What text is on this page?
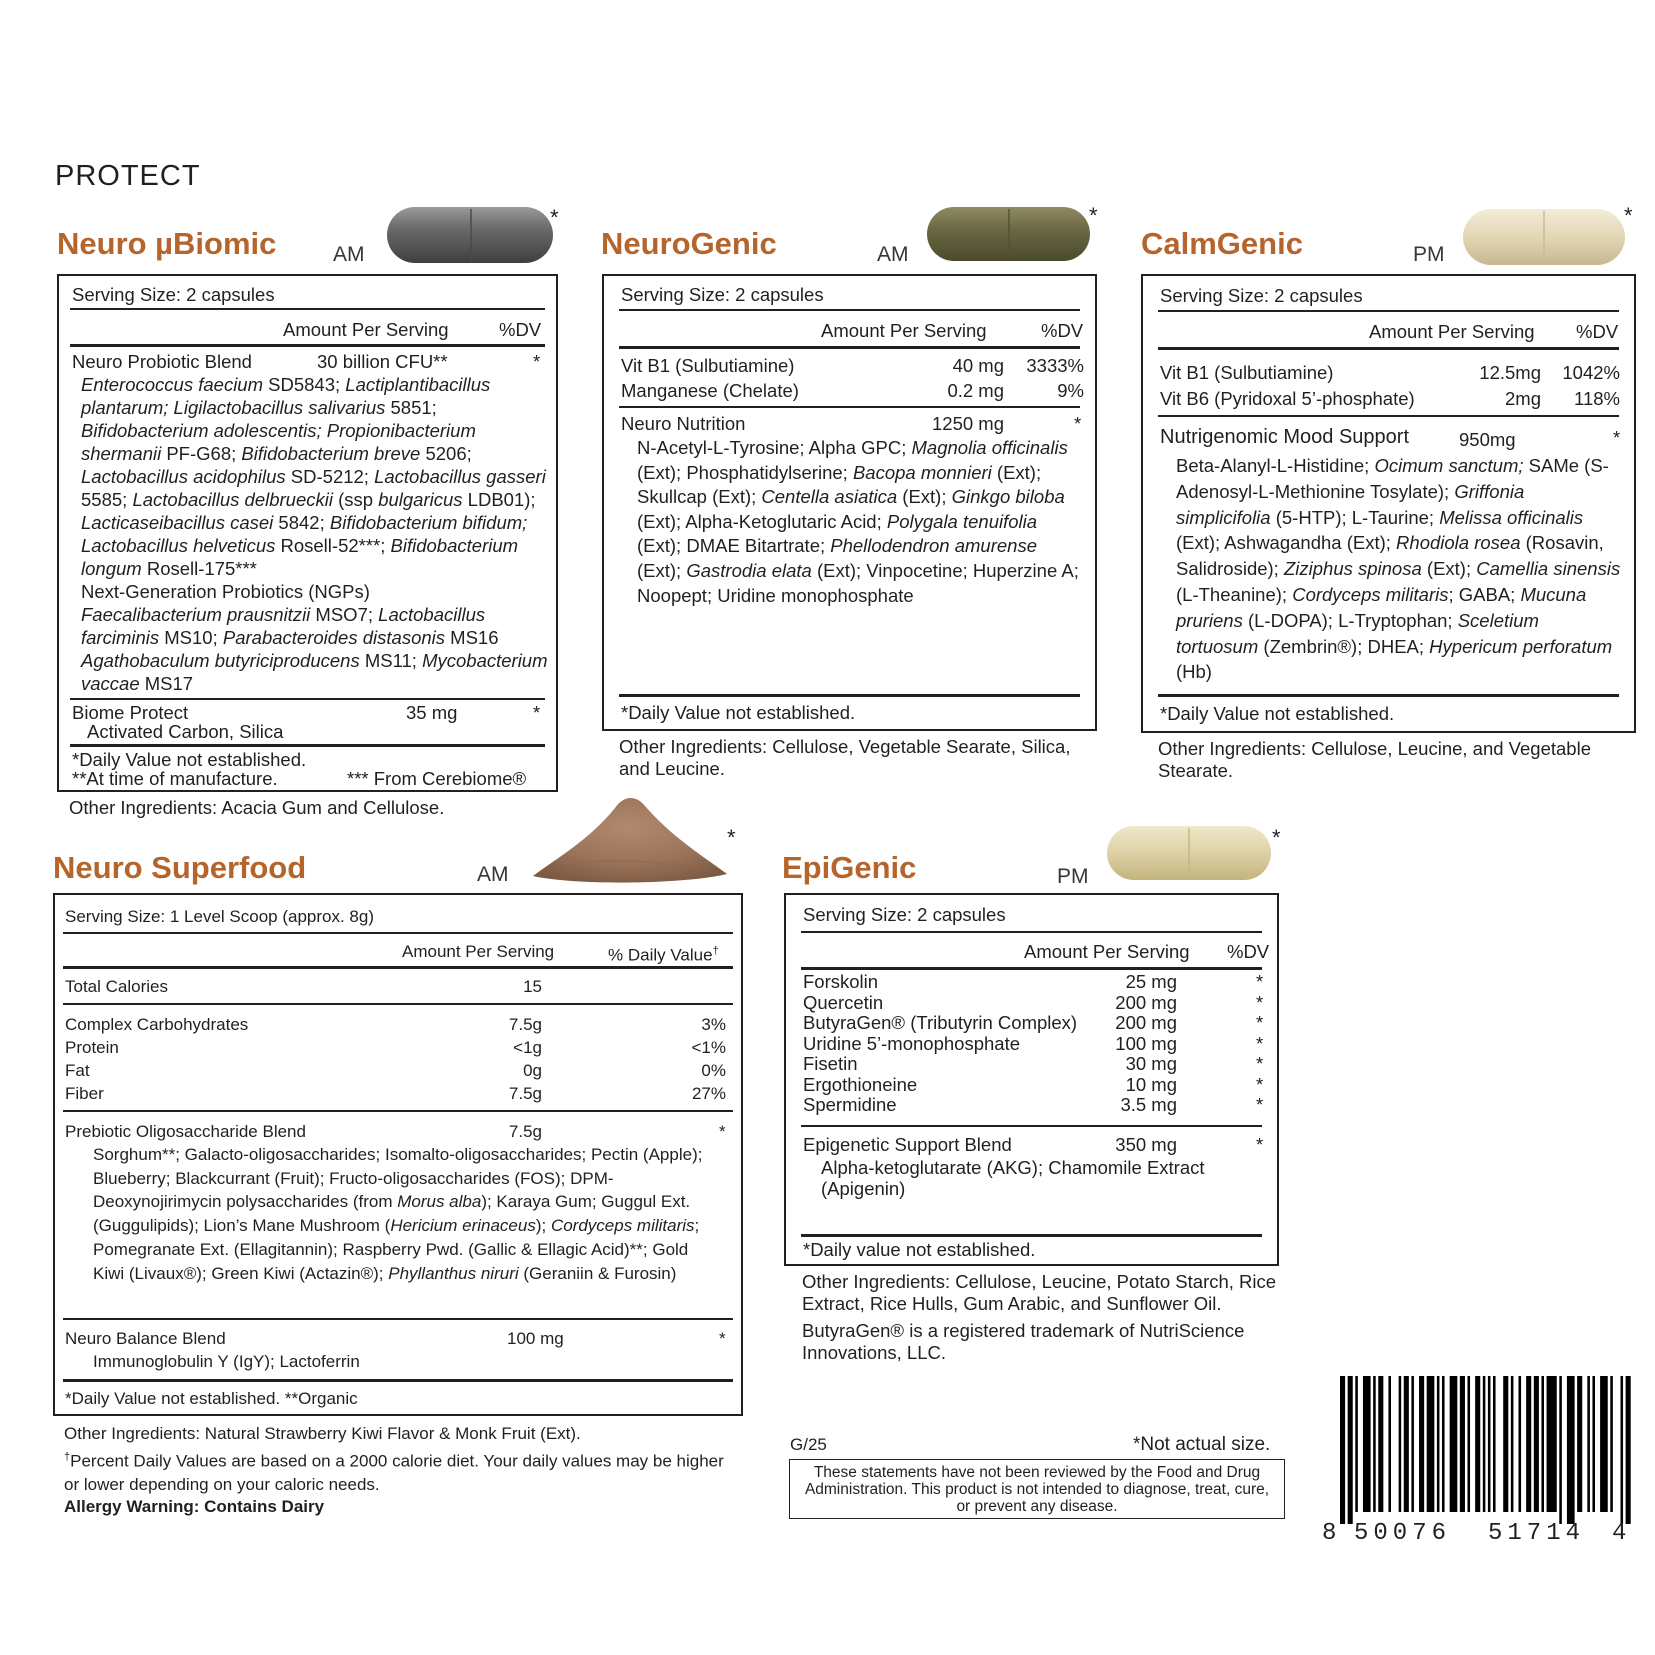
PROTECT
Neuro µBiomic	AM
*
Serving Size: 2 capsules
Amount Per Serving	%DV
Neuro Probiotic Blend	30 billion CFU**	*
Enterococcus faecium SD5843; Lactiplantibacillus plantarum; Ligilactobacillus salivarius 5851; Bifidobacterium adolescentis; Propionibacterium shermanii PF-G68; Bifidobacterium breve 5206; Lactobacillus acidophilus SD-5212; Lactobacillus gasseri 5585; Lactobacillus delbrueckii (ssp bulgaricus LDB01); Lacticaseibacillus casei 5842; Bifidobacterium bifidum; Lactobacillus helveticus Rosell-52***; Bifidobacterium longum Rosell-175***
Next-Generation Probiotics (NGPs)
Faecalibacterium prausnitzii MSO7; Lactobacillus farciminis MS10; Parabacteroides distasonis MS16 Agathobaculum butyriciproducens MS11; Mycobacterium vaccae MS17
Biome Protect	35 mg	*
Activated Carbon, Silica
*Daily Value not established.
**At time of manufacture.	*** From Cerebiome®
Other Ingredients: Acacia Gum and Cellulose.
NeuroGenic	AM
*
Serving Size: 2 capsules
Amount Per Serving	%DV
Vit B1 (Sulbutiamine)	40 mg	3333%
Manganese (Chelate)	0.2 mg	9%
Neuro Nutrition	1250 mg	*
N-Acetyl-L-Tyrosine; Alpha GPC; Magnolia officinalis (Ext); Phosphatidylserine; Bacopa monnieri (Ext); Skullcap (Ext); Centella asiatica (Ext); Ginkgo biloba (Ext); Alpha-Ketoglutaric Acid; Polygala tenuifolia (Ext); DMAE Bitartrate; Phellodendron amurense (Ext); Gastrodia elata (Ext); Vinpocetine; Huperzine A; Noopept; Uridine monophosphate
*Daily Value not established.
Other Ingredients: Cellulose, Vegetable Searate, Silica, and Leucine.
CalmGenic	PM
*
Serving Size: 2 capsules
Amount Per Serving %DV
Vit B1 (Sulbutiamine)	12.5mg	1042%
Vit B6 (Pyridoxal 5’-phosphate)	2mg	118%
Nutrigenomic Mood Support	950mg	*
Beta-Alanyl-L-Histidine; Ocimum sanctum; SAMe (S-Adenosyl-L-Methionine Tosylate); Griffonia simplicifolia (5-HTP); L-Taurine; Melissa officinalis (Ext); Ashwagandha (Ext); Rhodiola rosea (Rosavin, Salidroside); Ziziphus spinosa (Ext); Camellia sinensis (L-Theanine); Cordyceps militaris; GABA; Mucuna pruriens (L-DOPA); L-Tryptophan; Sceletium tortuosum (Zembrin®); DHEA; Hypericum perforatum (Hb)
*Daily Value not established.
Other Ingredients: Cellulose, Leucine, and Vegetable Stearate.
Neuro Superfood	AM
*
Serving Size: 1 Level Scoop (approx. 8g)
Amount Per Serving	% Daily Value†
Total Calories	15
Complex Carbohydrates	7.5g	3%
Protein	<1g	<1%
Fat	0g	0%
Fiber	7.5g	27%
Prebiotic Oligosaccharide Blend	7.5g	*
Sorghum**; Galacto-oligosaccharides; Isomalto-oligosaccharides; Pectin (Apple); Blueberry; Blackcurrant (Fruit); Fructo-oligosaccharides (FOS); DPM-Deoxynojirimycin polysaccharides (from Morus alba); Karaya Gum; Guggul Ext. (Guggulipids); Lion’s Mane Mushroom (Hericium erinaceus); Cordyceps militaris; Pomegranate Ext. (Ellagitannin); Raspberry Pwd. (Gallic & Ellagic Acid)**; Gold Kiwi (Livaux®); Green Kiwi (Actazin®); Phyllanthus niruri (Geraniin & Furosin)
Neuro Balance Blend	100 mg	*
Immunoglobulin Y (IgY); Lactoferrin
*Daily Value not established. **Organic
Other Ingredients: Natural Strawberry Kiwi Flavor & Monk Fruit (Ext).
†Percent Daily Values are based on a 2000 calorie diet. Your daily values may be higher or lower depending on your caloric needs.
Allergy Warning: Contains Dairy
EpiGenic	PM
*
Serving Size: 2 capsules
Amount Per Serving %DV
Forskolin	25 mg	*
Quercetin	200 mg	*
ButyraGen® (Tributyrin Complex)	200 mg	*
Uridine 5’-monophosphate	100 mg	*
Fisetin	30 mg	*
Ergothioneine	10 mg	*
Spermidine	3.5 mg	*
Epigenetic Support Blend	350 mg	*
Alpha-ketoglutarate (AKG); Chamomile Extract (Apigenin)
*Daily value not established.
Other Ingredients: Cellulose, Leucine, Potato Starch, Rice Extract, Rice Hulls, Gum Arabic, and Sunflower Oil.
ButyraGen® is a registered trademark of NutriScience Innovations, LLC.
G/25	*Not actual size.
These statements have not been reviewed by the Food and Drug Administration. This product is not intended to diagnose, treat, cure, or prevent any disease.
8 50076 51714 4
